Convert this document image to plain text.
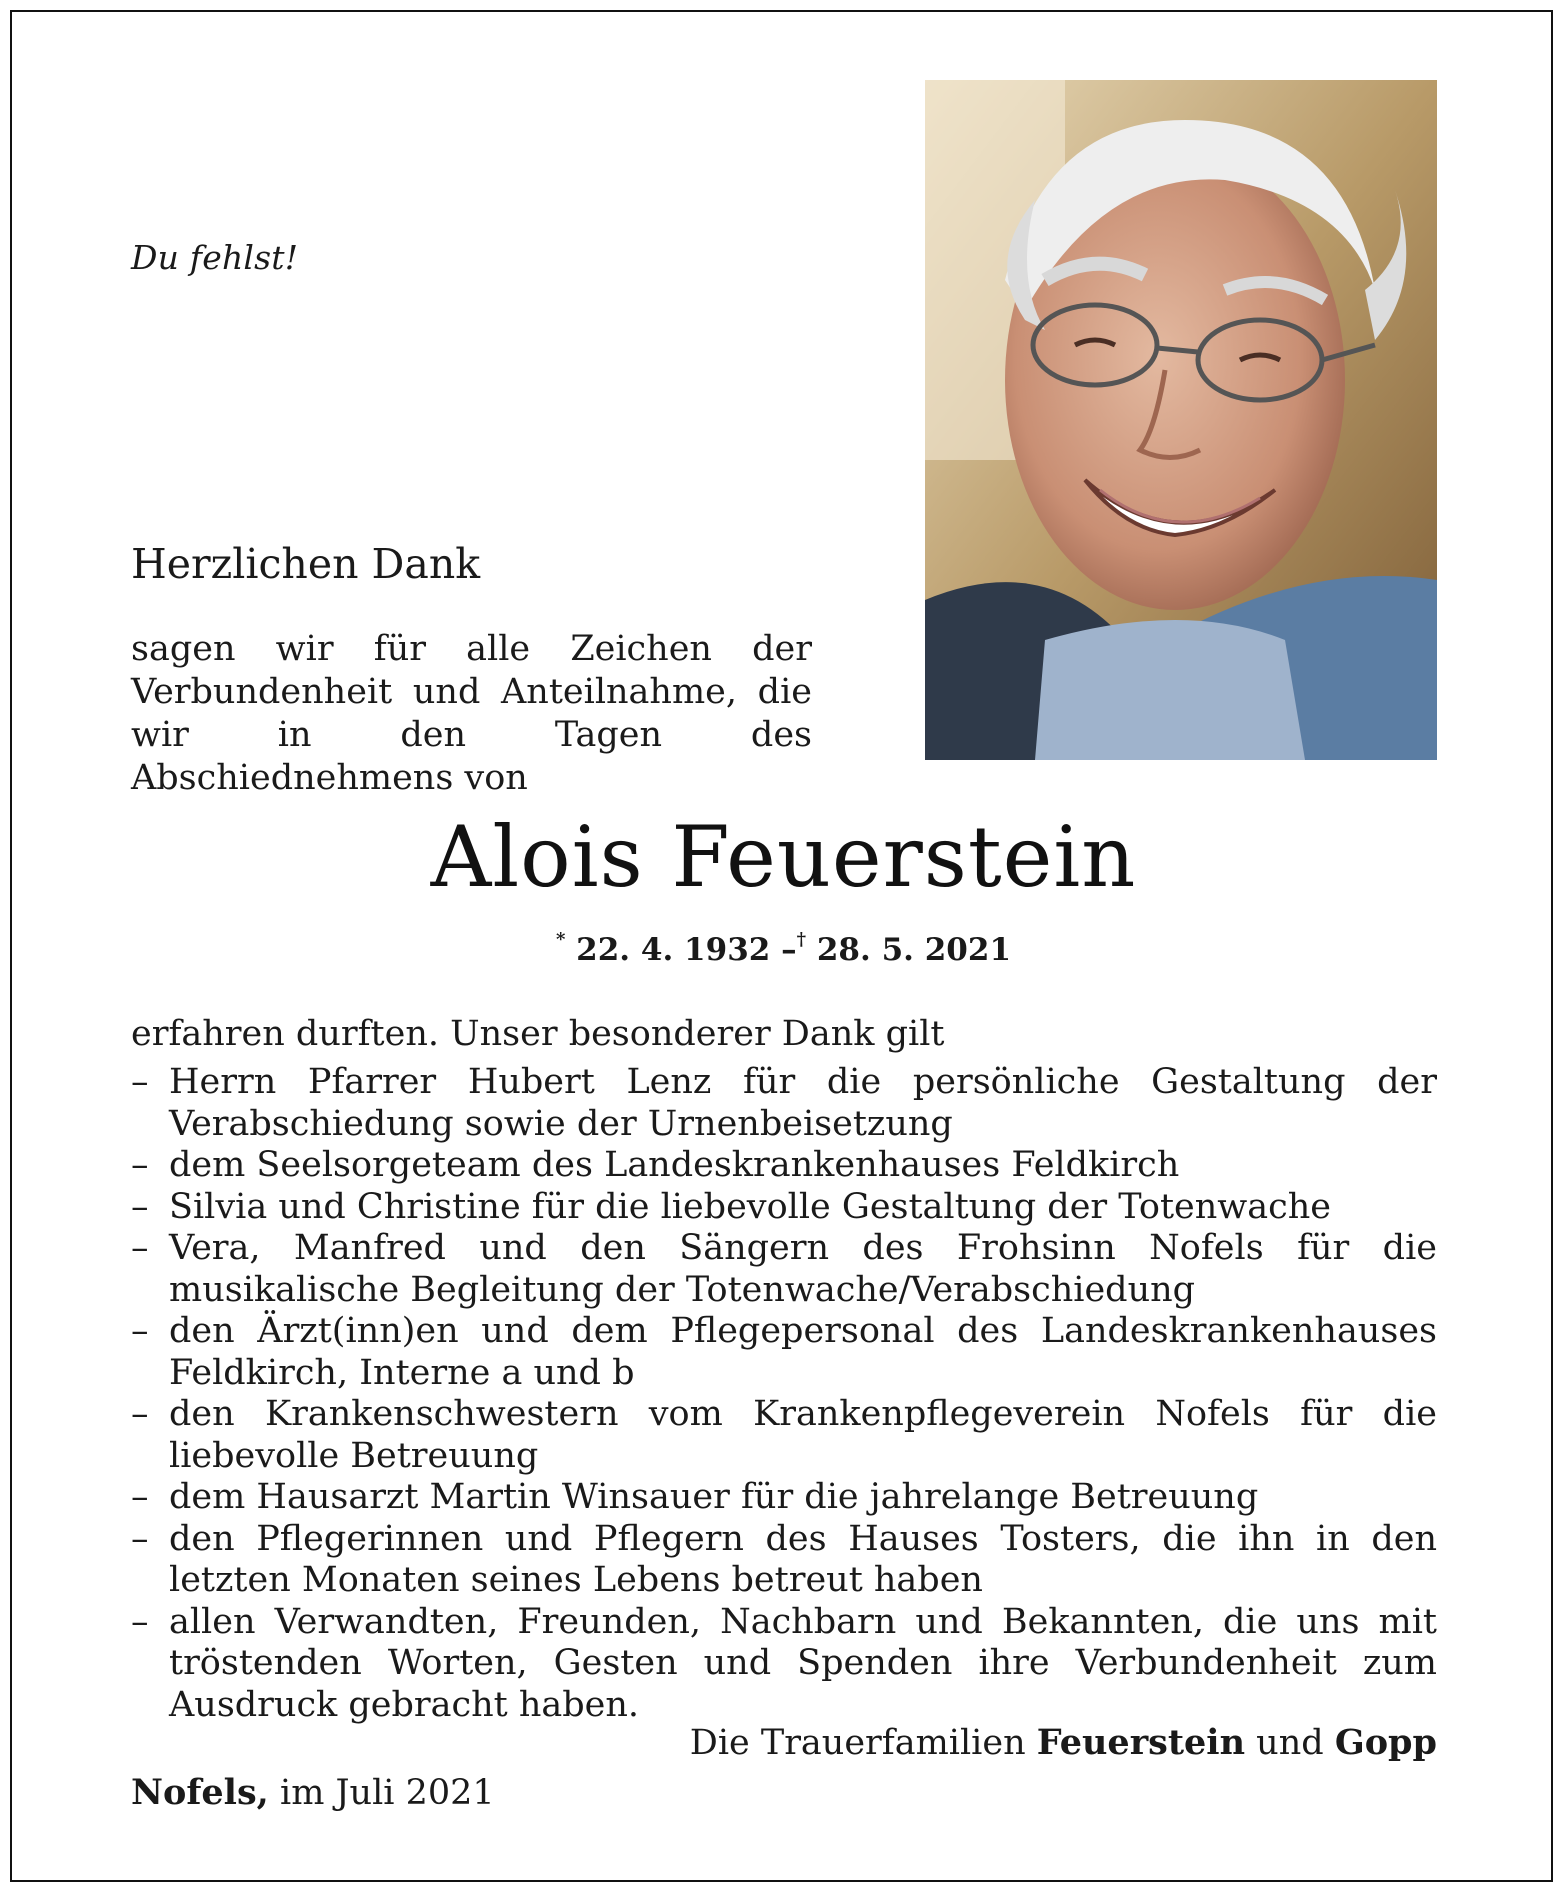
Du fehlst!
Herzlichen Dank
sagen wir für alle Zeichen der Verbundenheit und Anteilnahme, die wir in den Tagen des Abschiednehmens von
Alois Feuerstein
* 22. 4. 1932 –† 28. 5. 2021
erfahren durften. Unser besonderer Dank gilt
– Herrn Pfarrer Hubert Lenz für die persönliche Gestaltung der Verabschiedung sowie der Urnenbeisetzung
– dem Seelsorgeteam des Landeskrankenhauses Feldkirch
– Silvia und Christine für die liebevolle Gestaltung der Totenwache
– Vera, Manfred und den Sängern des Frohsinn Nofels für die musikalische Begleitung der Totenwache/Verabschiedung
– den Ärzt(inn)en und dem Pflegepersonal des Landeskrankenhauses Feldkirch, Interne a und b
– den Krankenschwestern vom Krankenpflegeverein Nofels für die liebevolle Betreuung
– dem Hausarzt Martin Winsauer für die jahrelange Betreuung
– den Pflegerinnen und Pflegern des Hauses Tosters, die ihn in den letzten Monaten seines Lebens betreut haben
– allen Verwandten, Freunden, Nachbarn und Bekannten, die uns mit tröstenden Worten, Gesten und Spenden ihre Verbundenheit zum Ausdruck gebracht haben.
Die Trauerfamilien Feuerstein und Gopp
Nofels, im Juli 2021
